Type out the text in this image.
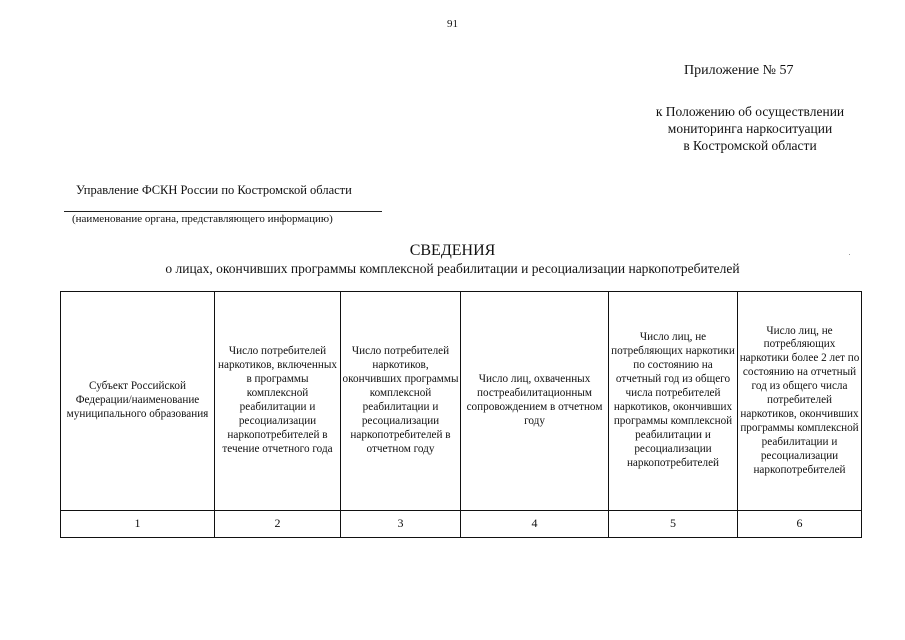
91
Приложение № 57
к Положению об осуществлении
мониторинга наркоситуации
в Костромской области
Управление ФСКН России по Костромской области
(наименование органа, представляющего информацию)
СВЕДЕНИЯ
о лицах, окончивших программы комплексной реабилитации и ресоциализации наркопотребителей
Субъект Российской Федерации/наименование муниципального образования	Число потребителей наркотиков, включенных в программы комплексной реабилитации и ресоциализации наркопотребителей в течение отчетного года	Число потребителей наркотиков, окончивших программы комплексной реабилитации и ресоциализации наркопотребителей в отчетном году	Число лиц, охваченных постреабилитационным сопровождением в отчетном году	Число лиц, не потребляющих наркотики по состоянию на отчетный год из общего числа потребителей наркотиков, окончивших программы комплексной реабилитации и ресоциализации наркопотребителей	Число лиц, не потребляющих наркотики более 2 лет по состоянию на отчетный год из общего числа потребителей наркотиков, окончивших программы комплексной реабилитации и ресоциализации наркопотребителей

1	2	3	4	5	6
